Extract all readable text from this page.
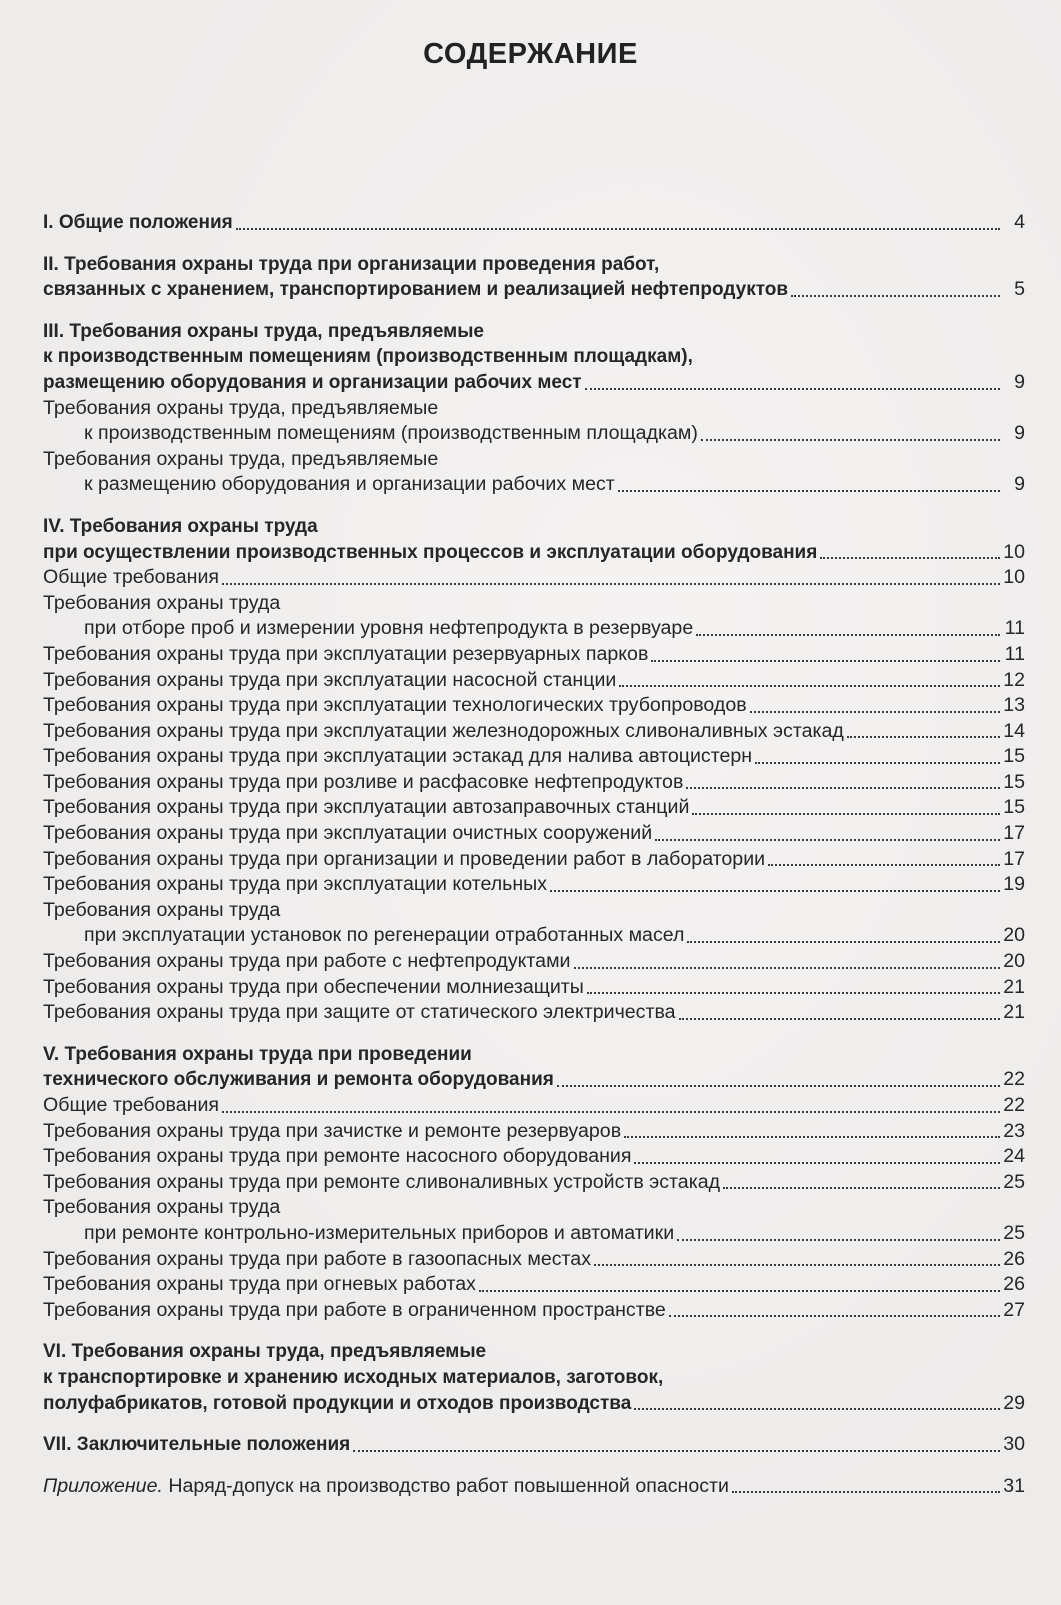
СОДЕРЖАНИЕ
I. Общие положения	4
II. Требования охраны труда при организации проведения работ,
связанных с хранением, транспортированием и реализацией нефтепродуктов	5
III. Требования охраны труда, предъявляемые
к производственным помещениям (производственным площадкам),
размещению оборудования и организации рабочих мест	9
Требования охраны труда, предъявляемые
к производственным помещениям (производственным площадкам)	9
Требования охраны труда, предъявляемые
к размещению оборудования и организации рабочих мест	9
IV. Требования охраны труда
при осуществлении производственных процессов и эксплуатации оборудования	10
Общие требования	10
Требования охраны труда
при отборе проб и измерении уровня нефтепродукта в резервуаре	11
Требования охраны труда при эксплуатации резервуарных парков	11
Требования охраны труда при эксплуатации насосной станции	12
Требования охраны труда при эксплуатации технологических трубопроводов	13
Требования охраны труда при эксплуатации железнодорожных сливоналивных эстакад	14
Требования охраны труда при эксплуатации эстакад для налива автоцистерн	15
Требования охраны труда при розливе и расфасовке нефтепродуктов	15
Требования охраны труда при эксплуатации автозаправочных станций	15
Требования охраны труда при эксплуатации очистных сооружений	17
Требования охраны труда при организации и проведении работ в лаборатории	17
Требования охраны труда при эксплуатации котельных	19
Требования охраны труда
при эксплуатации установок по регенерации отработанных масел	20
Требования охраны труда при работе с нефтепродуктами	20
Требования охраны труда при обеспечении молниезащиты	21
Требования охраны труда при защите от статического электричества	21
V. Требования охраны труда при проведении
технического обслуживания и ремонта оборудования	22
Общие требования	22
Требования охраны труда при зачистке и ремонте резервуаров	23
Требования охраны труда при ремонте насосного оборудования	24
Требования охраны труда при ремонте сливоналивных устройств эстакад	25
Требования охраны труда
при ремонте контрольно-измерительных приборов и автоматики	25
Требования охраны труда при работе в газоопасных местах	26
Требования охраны труда при огневых работах	26
Требования охраны труда при работе в ограниченном пространстве	27
VI. Требования охраны труда, предъявляемые
к транспортировке и хранению исходных материалов, заготовок,
полуфабрикатов, готовой продукции и отходов производства	29
VII. Заключительные положения	30
Приложение. Наряд-допуск на производство работ повышенной опасности	31
